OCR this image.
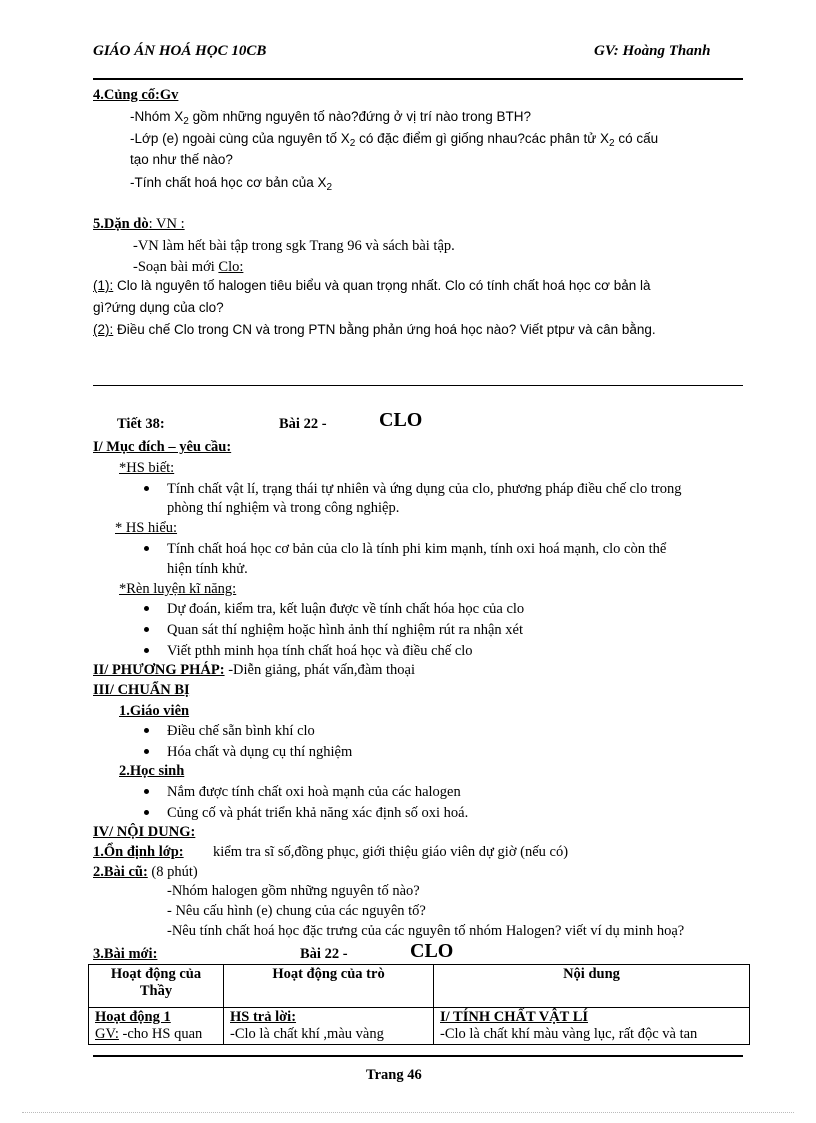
GIÁO ÁN HOÁ HỌC 10CB	GV: Hoàng Thanh
4.Củng cố:Gv
-Nhóm $X_2$ gồm những nguyên tố nào?đứng ở vị trí nào trong BTH?
-Lớp (e) ngoài cùng của nguyên tố $X_2$ có đặc điểm gì giống nhau?các phân tử $X_2$ có cấu
tạo như thế nào?
-Tính chất hoá học cơ bản của $X_2$
5.Dặn dò: VN :
-VN làm hết bài tập trong sgk Trang 96 và sách bài tập.
-Soạn bài mới Clo:
(1): Clo là nguyên tố halogen tiêu biểu và quan trọng nhất. Clo có tính chất hoá học cơ bản là
gì?ứng dụng của clo?
(2): Điều chế Clo trong CN và trong PTN bằng phản ứng hoá học nào? Viết ptpư và cân bằng.
Tiết 38:	Bài 22 -	CLO
I/ Mục đích – yêu cầu:
*HS biết:
Tính chất vật lí, trạng thái tự nhiên và ứng dụng của clo, phương pháp điều chế clo trong
phòng thí nghiệm và trong công nghiệp.
* HS hiểu:
Tính chất hoá học cơ bản của clo là tính phi kim mạnh, tính oxi hoá mạnh, clo còn thể
hiện tính khử.
*Rèn luyện kĩ năng:
Dự đoán, kiểm tra, kết luận được về tính chất hóa học của clo
Quan sát thí nghiệm hoặc hình ảnh thí nghiệm rút ra nhận xét
Viết pthh minh họa tính chất hoá học và điều chế clo
II/ PHƯƠNG PHÁP: -Diễn giảng, phát vấn,đàm thoại
III/ CHUẨN BỊ
1.Giáo viên
Điều chế sẵn bình khí clo
Hóa chất và dụng cụ thí nghiệm
2.Học sinh
Nắm được tính chất oxi hoà mạnh của các halogen
Củng cố và phát triển khả năng xác định số oxi hoá.
IV/ NỘI DUNG:
1.Ổn định lớp: kiểm tra sĩ số,đồng phục, giới thiệu giáo viên dự giờ (nếu có)
2.Bài cũ: (8 phút)
-Nhóm halogen gồm những nguyên tố nào?
- Nêu cấu hình (e) chung của các nguyên tố?
-Nêu tính chất hoá học đặc trưng của các nguyên tố nhóm Halogen? viết ví dụ minh hoạ?
3.Bài mới:	Bài 22 -	CLO
Hoạt động của Thầy	Hoạt động của trò	Nội dung
Hoạt động 1	HS trả lời:	I/ TÍNH CHẤT VẬT LÍ
GV: -cho HS quan	-Clo là chất khí ,màu vàng	-Clo là chất khí màu vàng lục, rất độc và tan
Trang 46
